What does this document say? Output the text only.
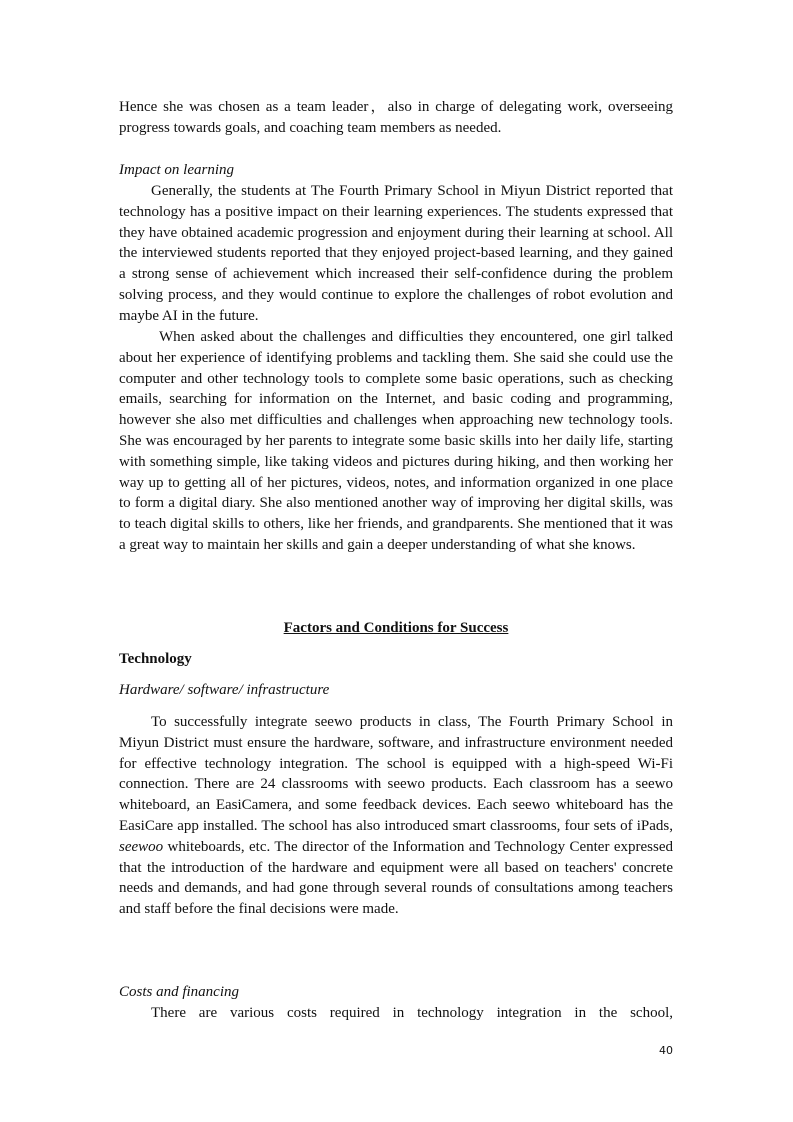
Hence she was chosen as a team leader，also in charge of delegating work, overseeing

progress towards goals, and coaching team members as needed.

Impact on learning

Generally, the students at The Fourth Primary School in Miyun District reported that technology has a positive impact on their learning experiences. The students expressed that they have obtained academic progression and enjoyment during their learning at school. All the interviewed students reported that they enjoyed project-based learning, and they gained a strong sense of achievement which increased their self-confidence during the problem solving process, and they would continue to explore the challenges of robot evolution and maybe AI in the future.

When asked about the challenges and difficulties they encountered, one girl talked about her experience of identifying problems and tackling them. She said she could use the computer and other technology tools to complete some basic operations, such as checking emails, searching for information on the Internet, and basic coding and programming, however she also met difficulties and challenges when approaching new technology tools. She was encouraged by her parents to integrate some basic skills into her daily life, starting with something simple, like taking videos and pictures during hiking, and then working her way up to getting all of her pictures, videos, notes, and information organized in one place to form a digital diary. She also mentioned another way of improving her digital skills, was to teach digital skills to others, like her friends, and grandparents. She mentioned that it was a great way to maintain her skills and gain a deeper understanding of what she knows.

Factors and Conditions for Success

Technology

Hardware/ software/ infrastructure

To successfully integrate seewo products in class, The Fourth Primary School in Miyun District must ensure the hardware, software, and infrastructure environment needed for effective technology integration. The school is equipped with a high-speed Wi-Fi connection. There are 24 classrooms with seewo products. Each classroom has a seewo whiteboard, an EasiCamera, and some feedback devices. Each seewo whiteboard has the EasiCare app installed. The school has also introduced smart classrooms, four sets of iPads, seewoo whiteboards, etc. The director of the Information and Technology Center expressed that the introduction of the hardware and equipment were all based on teachers' concrete needs and demands, and had gone through several rounds of consultations among teachers and staff before the final decisions were made.

Costs and financing

There are various costs required in technology integration in the school,

40
